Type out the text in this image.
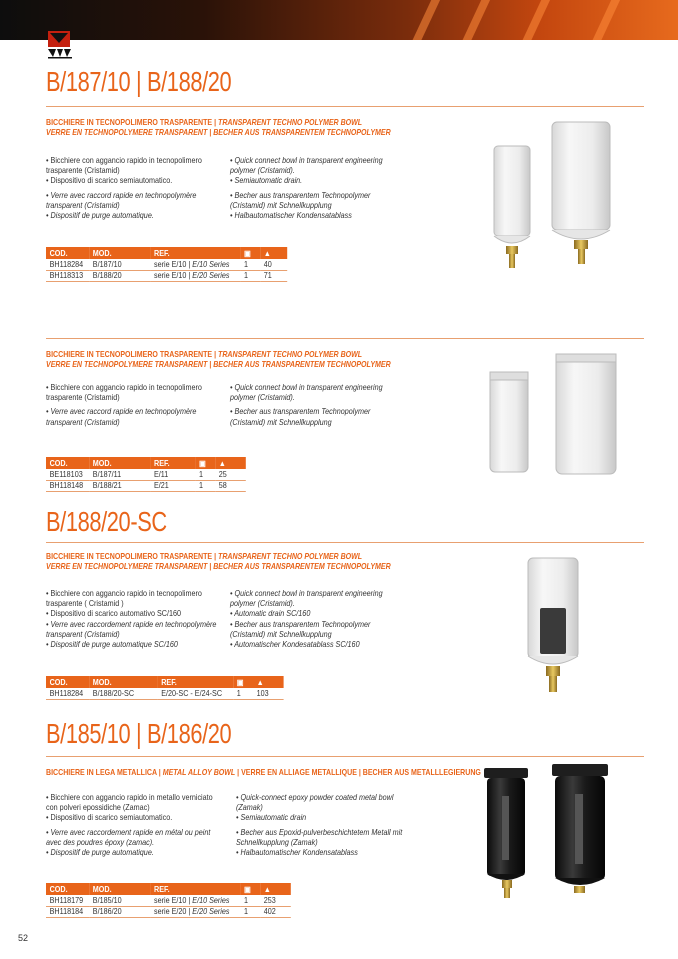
B/187/10 | B/188/20
BICCHIERE IN TECNOPOLIMERO TRASPARENTE | TRANSPARENT TECHNO POLYMER BOWL
VERRE EN TECHNOPOLYMERE TRANSPARENT | BECHER AUS TRANSPARENTEM TECHNOPOLYMER
• Bicchiere con aggancio rapido in tecnopolimero
trasparente (Cristamid)
• Dispositivo di scarico semiautomatico.
• Verre avec raccord rapide en technopolymère
transparent (Cristamid)
• Dispositif de purge automatique.
• Quick connect bowl in transparent engineering
polymer (Cristamid).
• Semiautomatic drain.
• Becher aus transparentem Technopolymer
(Cristamid) mit Schnellkupplung
• Halbautomatischer Kondensatablass
COD.	MOD.	REF.	▣	▲
BH118284	B/187/10	serie E/10 | E/10 Series	1	40
BH118313	B/188/20	serie E/10 | E/20 Series	1	71
BICCHIERE IN TECNOPOLIMERO TRASPARENTE | TRANSPARENT TECHNO POLYMER BOWL
VERRE EN TECHNOPOLYMERE TRANSPARENT | BECHER AUS TRANSPARENTEM TECHNOPOLYMER
• Bicchiere con aggancio rapido in tecnopolimero
trasparente (Cristamid)
• Verre avec raccord rapide en technopolymère
transparent (Cristamid)
• Quick connect bowl in transparent engineering
polymer (Cristamid).
• Becher aus transparentem Technopolymer
(Cristamid) mit Schnellkupplung
COD.	MOD.	REF.	▣	▲
BE118103	B/187/11	E/11	1	25
BH118148	B/188/21	E/21	1	58
B/188/20-SC
BICCHIERE IN TECNOPOLIMERO TRASPARENTE | TRANSPARENT TECHNO POLYMER BOWL
VERRE EN TECHNOPOLYMERE TRANSPARENT | BECHER AUS TRANSPARENTEM TECHNOPOLYMER
• Bicchiere con aggancio rapido in tecnopolimero
trasparente ( Cristamid )
• Dispositivo di scarico automativo SC/160
• Verre avec raccordement rapide en technopolymère
transparent (Cristamid)
• Dispositif de purge automatique SC/160
• Quick connect bowl in transparent engineering
polymer (Cristamid).
• Automatic drain SC/160
• Becher aus transparentem Technopolymer
(Cristamid) mit Schnellkupplung
• Automatischer Kondesatablass SC/160
COD.	MOD.	REF.	▣	▲
BH118284	B/188/20-SC	E/20-SC - E/24-SC	1	103
B/185/10 | B/186/20
BICCHIERE IN LEGA METALLICA | METAL ALLOY BOWL | VERRE EN ALLIAGE METALLIQUE | BECHER AUS METALLLEGIERUNG
• Bicchiere con aggancio rapido in metallo verniciato
con polveri epossidiche (Zamac)
• Dispositivo di scarico semiautomatico.
• Verre avec raccordement rapide en métal ou peint
avec des poudres époxy (zamac).
• Dispositif de purge automatique.
• Quick-connect epoxy powder coated metal bowl
(Zamak)
• Semiautomatic drain
• Becher aus Epoxid-pulverbeschichtetem Metall mit
Schnellkupplung (Zamak)
• Halbautomatischer Kondensatablass
COD.	MOD.	REF.	▣	▲
BH118179	B/185/10	serie E/10 | E/10 Series	1	253
BH118184	B/186/20	serie E/20 | E/20 Series	1	402
52
